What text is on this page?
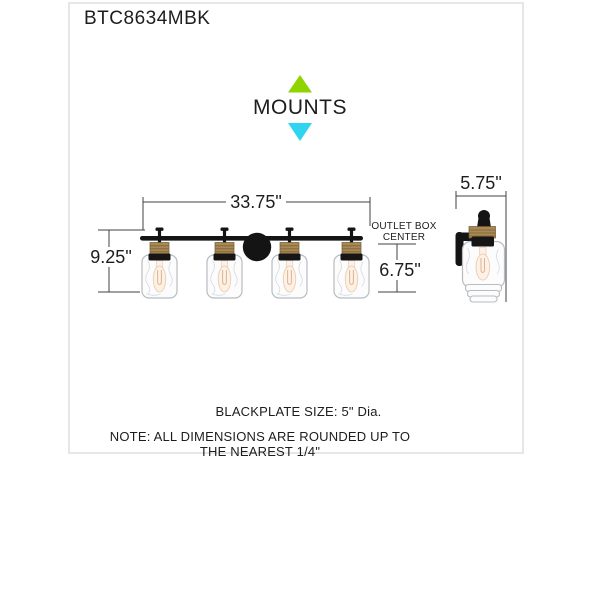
BTC8634MBK
MOUNTS
33.75"
9.25"
6.75"
5.75"
OUTLET BOX
CENTER
BLACKPLATE SIZE: 5" Dia.
NOTE: ALL DIMENSIONS ARE ROUNDED UP TO THE NEAREST 1/4"
